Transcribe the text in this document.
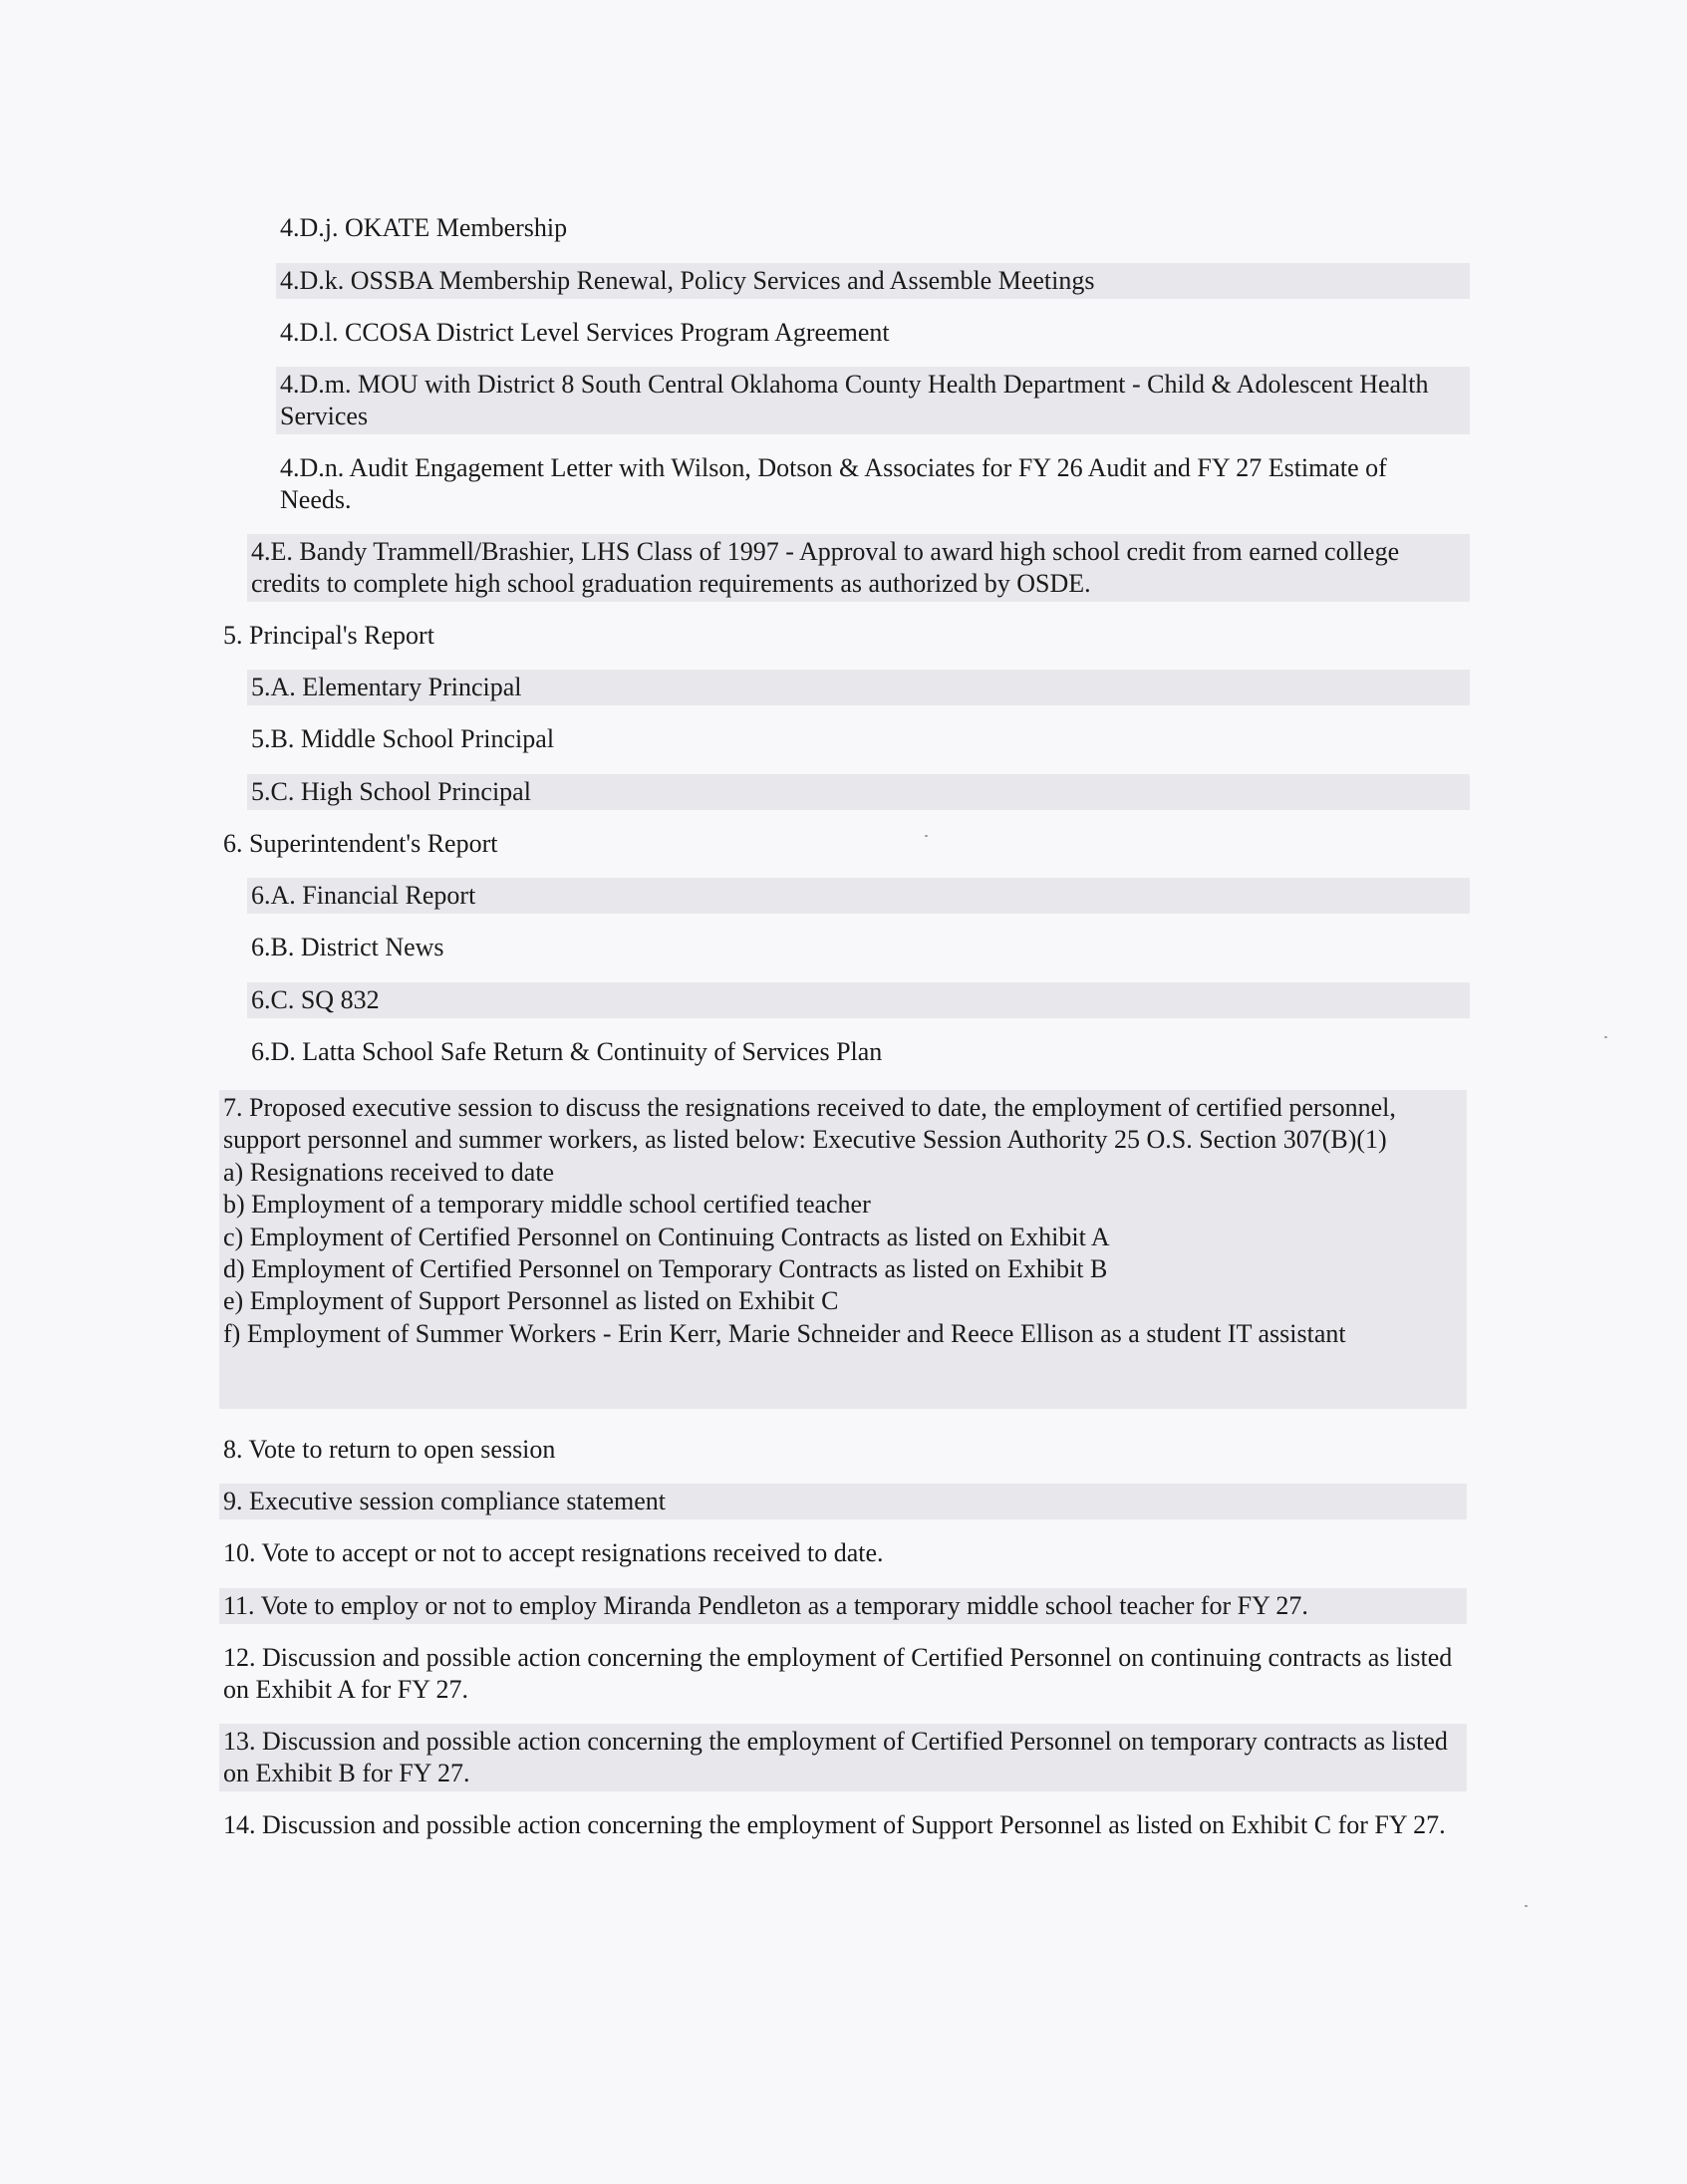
4.D.j. OKATE Membership
4.D.k. OSSBA Membership Renewal, Policy Services and Assemble Meetings
4.D.l. CCOSA District Level Services Program Agreement
4.D.m. MOU with District 8 South Central Oklahoma County Health Department - Child & Adolescent Health Services
4.D.n. Audit Engagement Letter with Wilson, Dotson & Associates for FY 26 Audit and FY 27 Estimate of Needs.
4.E. Bandy Trammell/Brashier, LHS Class of 1997 - Approval to award high school credit from earned college credits to complete high school graduation requirements as authorized by OSDE.
5. Principal's Report
5.A. Elementary Principal
5.B. Middle School Principal
5.C. High School Principal
6. Superintendent's Report
6.A. Financial Report
6.B. District News
6.C. SQ 832
6.D. Latta School Safe Return & Continuity of Services Plan
7. Proposed executive session to discuss the resignations received to date, the employment of certified personnel, support personnel and summer workers, as listed below: Executive Session Authority 25 O.S. Section 307(B)(1)
a) Resignations received to date
b) Employment of a temporary middle school certified teacher
c) Employment of Certified Personnel on Continuing Contracts as listed on Exhibit A
d) Employment of Certified Personnel on Temporary Contracts as listed on Exhibit B
e) Employment of Support Personnel as listed on Exhibit C
f) Employment of Summer Workers - Erin Kerr, Marie Schneider and Reece Ellison as a student IT assistant
8. Vote to return to open session
9. Executive session compliance statement
10. Vote to accept or not to accept resignations received to date.
11. Vote to employ or not to employ Miranda Pendleton as a temporary middle school teacher for FY 27.
12. Discussion and possible action concerning the employment of Certified Personnel on continuing contracts as listed on Exhibit A for FY 27.
13. Discussion and possible action concerning the employment of Certified Personnel on temporary contracts as listed on Exhibit B for FY 27.
14. Discussion and possible action concerning the employment of Support Personnel as listed on Exhibit C for FY 27.
